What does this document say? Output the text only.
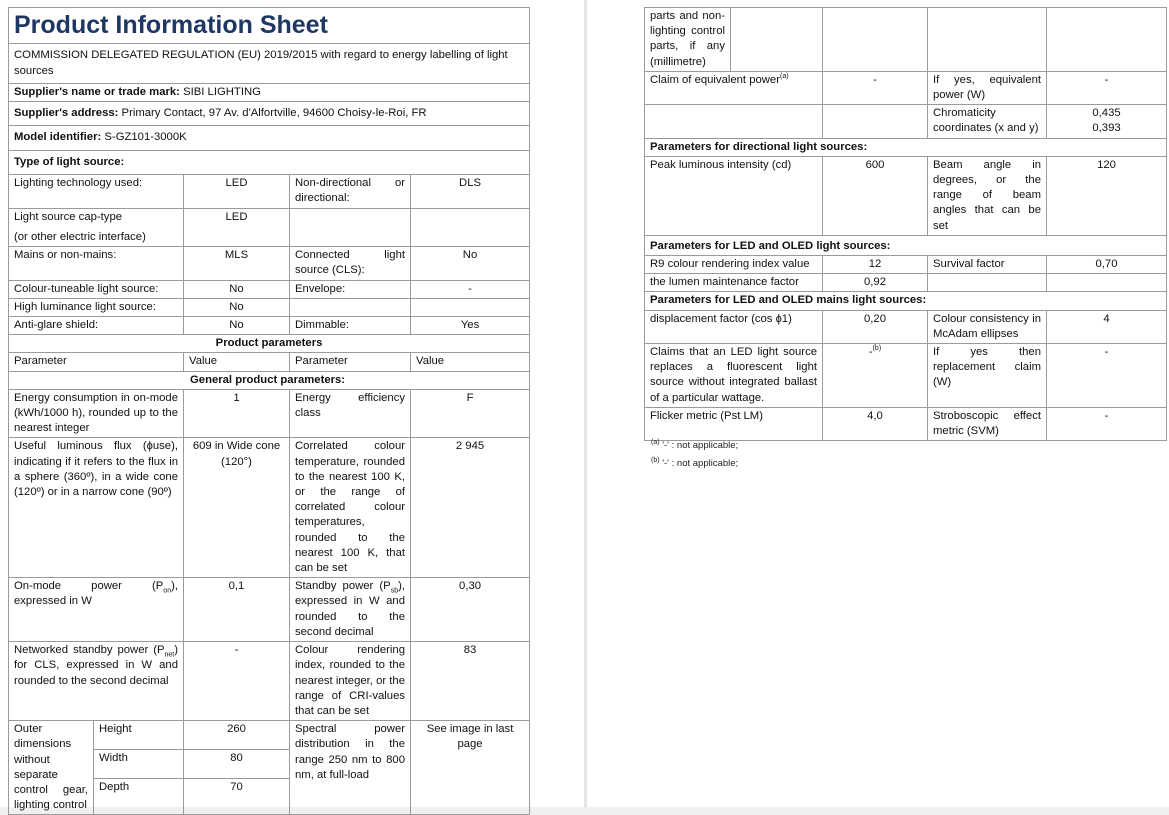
Product Information Sheet				
COMMISSION DELEGATED REGULATION (EU) 2019/2015 with regard to energy labelling of light sources				
Supplier's name or trade mark: SIBI LIGHTING				
Supplier's address: Primary Contact, 97 Av. d'Alfortville, 94600 Choisy-le-Roi, FR				
Model identifier: S-GZ101-3000K				
Type of light source:				
Lighting technology used:		LED	Non-directional or directional:	DLS

Light source cap-type
(or other electric interface)		LED		
Mains or non-mains:		MLS	Connected light source (CLS):	No
Colour-tuneable light source:		No	Envelope:	-
High luminance light source:		No		
Anti-glare shield:		No	Dimmable:	Yes
Product parameters				
Parameter		Value	Parameter	Value
General product parameters:				
Energy consumption in on-mode (kWh/1000 h), rounded up to the nearest integer		1	Energy efficiency class	F
Useful luminous flux (ɸuse), indicating if it refers to the flux in a sphere (360º), in a wide cone (120º) or in a narrow cone (90º)		609 in Wide cone (120°)	Correlated colour temperature, rounded to the nearest 100 K, or the range of correlated colour temperatures, rounded to the nearest 100 K, that can be set	2 945
On-mode power $(P_{on})$, expressed in W		0,1	Standby power $(P_{sb})$, expressed in W and rounded to the second decimal	0,30
Networked standby power $(P_{net})$ for CLS, expressed in W and rounded to the second decimal		-	Colour rendering index, rounded to the nearest integer, or the range of CRI-values that can be set	83
Outer dimensions without separate control gear, lighting control	Height	260	Spectral power distribution in the range 250 nm to 800 nm, at full-load	See image in last page
	Width	80		
	Depth	70		
parts and non-lighting control parts, if any (millimetre)				
Claim of equivalent power$^{(a)}$		-	If yes, equivalent power (W)	-
			Chromaticity coordinates (x and y)	0,435
0,393

Parameters for directional light sources:				
Peak luminous intensity (cd)		600	Beam angle in degrees, or the range of beam angles that can be set	120
Parameters for LED and OLED light sources:				
R9 colour rendering index value		12	Survival factor	0,70
the lumen maintenance factor		0,92		
Parameters for LED and OLED mains light sources:				
displacement factor (cos ɸ1)		0,20	Colour consistency in McAdam ellipses	4
Claims that an LED light source replaces a fluorescent light source without integrated ballast of a particular wattage.		-$^{(b)}$	If yes then replacement claim (W)	-
Flicker metric (Pst LM)		4,0	Stroboscopic effect metric (SVM)	-
$^{(a)}$ '-' : not applicable;
$^{(b)}$ '-' : not applicable;
